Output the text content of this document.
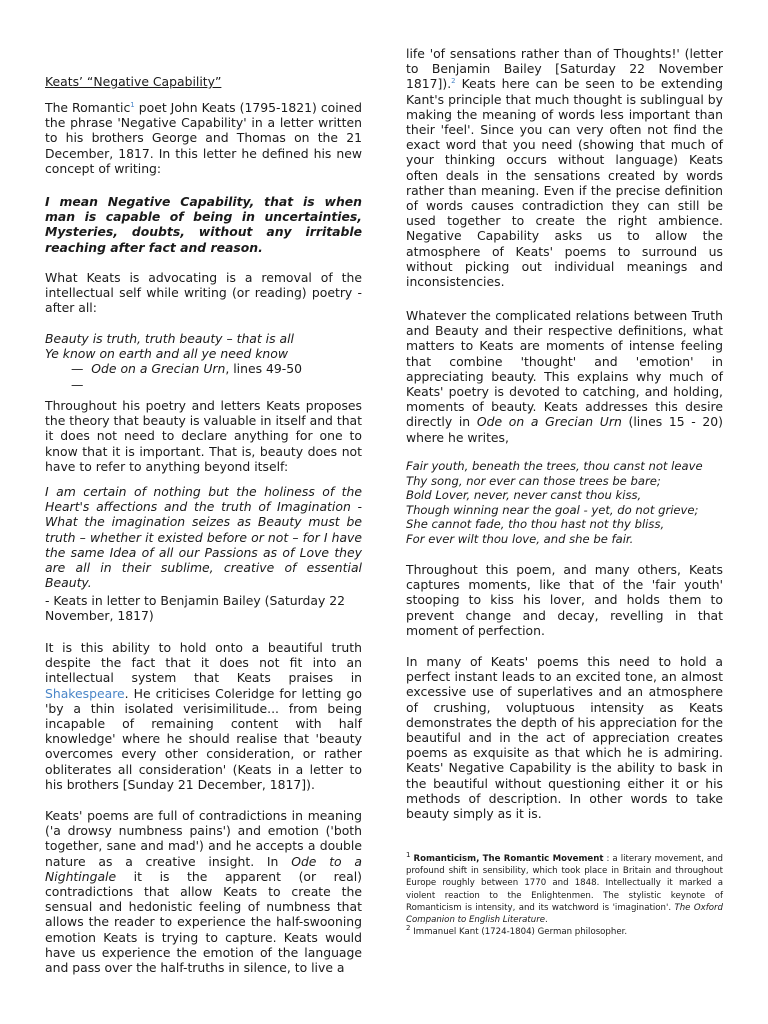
Keats’ “Negative Capability”

The Romantic$^1$ poet John Keats (1795-1821) coined the phrase 'Negative Capability' in a letter written to his brothers George and Thomas on the 21 December, 1817. In this letter he defined his new concept of writing:

I mean Negative Capability, that is when man is capable of being in uncertainties, Mysteries, doubts, without any irritable reaching after fact and reason.

What Keats is advocating is a removal of the intellectual self while writing (or reading) poetry - after all:

Beauty is truth, truth beauty – that is all
Ye know on earth and all ye need know
— Ode on a Grecian Urn, lines 49-50
—

Throughout his poetry and letters Keats proposes the theory that beauty is valuable in itself and that it does not need to declare anything for one to know that it is important. That is, beauty does not have to refer to anything beyond itself:

I am certain of nothing but the holiness of the Heart's affections and the truth of Imagination - What the imagination seizes as Beauty must be truth – whether it existed before or not – for I have the same Idea of all our Passions as of Love they are all in their sublime, creative of essential Beauty.

- Keats in letter to Benjamin Bailey (Saturday 22 November, 1817)

It is this ability to hold onto a beautiful truth despite the fact that it does not fit into an intellectual system that Keats praises in Shakespeare. He criticises Coleridge for letting go 'by a thin isolated verisimilitude... from being incapable of remaining content with half knowledge' where he should realise that 'beauty overcomes every other consideration, or rather obliterates all consideration' (Keats in a letter to his brothers [Sunday 21 December, 1817]).

Keats' poems are full of contradictions in meaning ('a drowsy numbness pains') and emotion ('both together, sane and mad') and he accepts a double nature as a creative insight. In Ode to a Nightingale it is the apparent (or real) contradictions that allow Keats to create the sensual and hedonistic feeling of numbness that allows the reader to experience the half-swooning emotion Keats is trying to capture. Keats would have us experience the emotion of the language and pass over the half-truths in silence, to live a

life 'of sensations rather than of Thoughts!' (letter to Benjamin Bailey [Saturday 22 November 1817]).$^2$ Keats here can be seen to be extending Kant's principle that much thought is sublingual by making the meaning of words less important than their 'feel'. Since you can very often not find the exact word that you need (showing that much of your thinking occurs without language) Keats often deals in the sensations created by words rather than meaning. Even if the precise definition of words causes contradiction they can still be used together to create the right ambience. Negative Capability asks us to allow the atmosphere of Keats' poems to surround us without picking out individual meanings and inconsistencies.

Whatever the complicated relations between Truth and Beauty and their respective definitions, what matters to Keats are moments of intense feeling that combine 'thought' and 'emotion' in appreciating beauty. This explains why much of Keats' poetry is devoted to catching, and holding, moments of beauty. Keats addresses this desire directly in Ode on a Grecian Urn (lines 15 - 20) where he writes,

Fair youth, beneath the trees, thou canst not leave
Thy song, nor ever can those trees be bare;
Bold Lover, never, never canst thou kiss,
Though winning near the goal - yet, do not grieve;
She cannot fade, tho thou hast not thy bliss,
For ever wilt thou love, and she be fair.

Throughout this poem, and many others, Keats captures moments, like that of the 'fair youth' stooping to kiss his lover, and holds them to prevent change and decay, revelling in that moment of perfection.

In many of Keats' poems this need to hold a perfect instant leads to an excited tone, an almost excessive use of superlatives and an atmosphere of crushing, voluptuous intensity as Keats demonstrates the depth of his appreciation for the beautiful and in the act of appreciation creates poems as exquisite as that which he is admiring. Keats' Negative Capability is the ability to bask in the beautiful without questioning either it or his methods of description. In other words to take beauty simply as it is.

$^1$ Romanticism, The Romantic Movement : a literary movement, and profound shift in sensibility, which took place in Britain and throughout Europe roughly between 1770 and 1848. Intellectually it marked a violent reaction to the Enlightenmen. The stylistic keynote of Romanticism is intensity, and its watchword is 'imagination'. The Oxford Companion to English Literature.

$^2$ Immanuel Kant (1724-1804) German philosopher.
